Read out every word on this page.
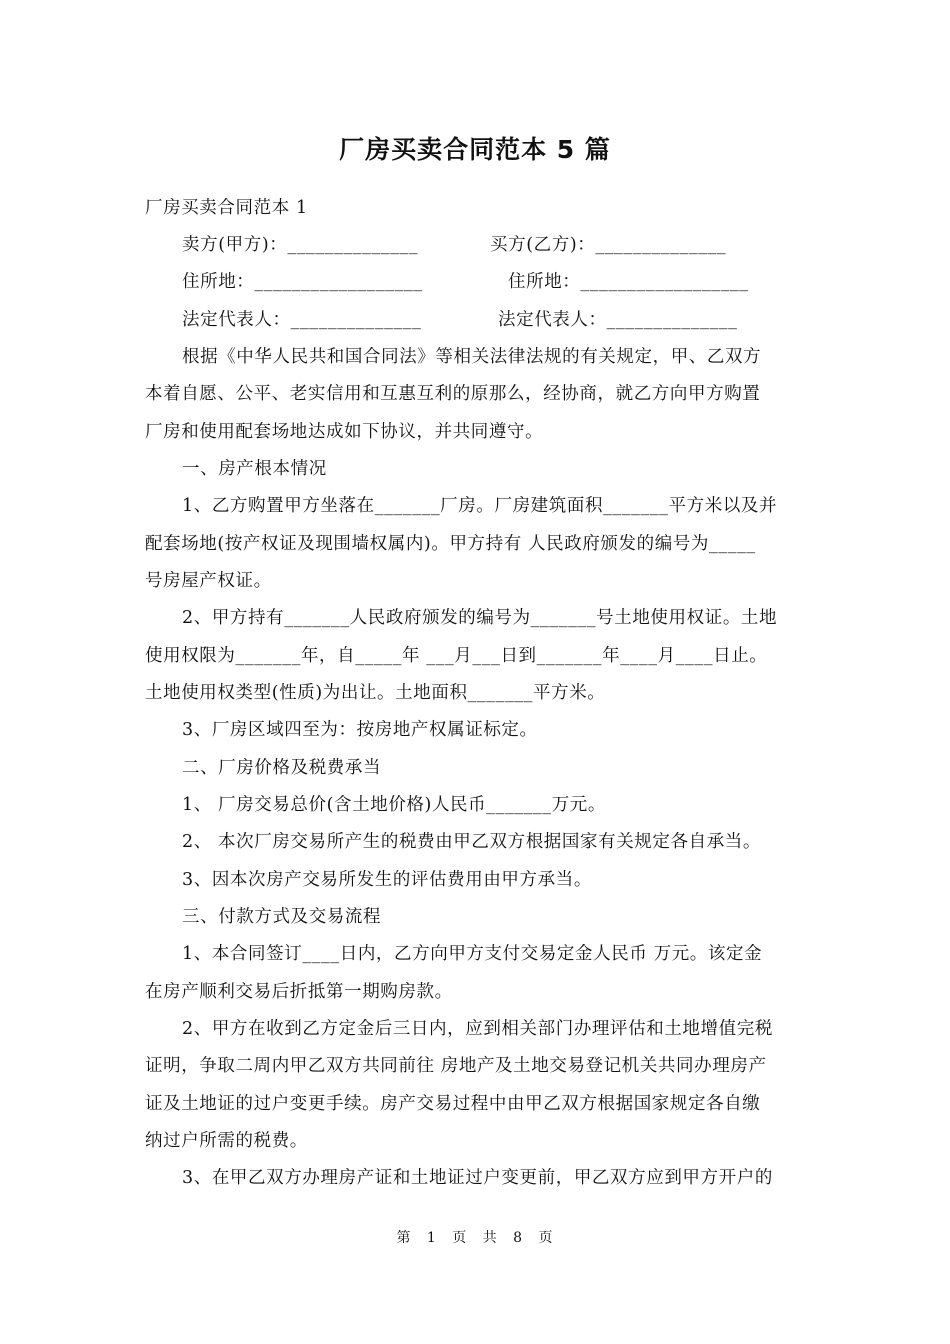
厂房买卖合同范本 5 篇
厂房买卖合同范本 1
卖方(甲方)：______________	买方(乙方)：______________
住所地：__________________	住所地：__________________
法定代表人：______________	法定代表人：______________
根据《中华人民共和国合同法》等相关法律法规的有关规定，甲、乙双方
本着自愿、公平、老实信用和互惠互利的原那么，经协商，就乙方向甲方购置
厂房和使用配套场地达成如下协议，并共同遵守。
一、房产根本情况
1、乙方购置甲方坐落在_______厂房。厂房建筑面积_______平方米以及并
配套场地(按产权证及现围墙权属内)。甲方持有 人民政府颁发的编号为_____
号房屋产权证。
2、甲方持有_______人民政府颁发的编号为_______号土地使用权证。土地
使用权限为_______年，自_____年 ___月___日到_______年____月____日止。
土地使用权类型(性质)为出让。土地面积_______平方米。
3、厂房区域四至为：按房地产权属证标定。
二、厂房价格及税费承当
1、 厂房交易总价(含土地价格)人民币_______万元。
2、 本次厂房交易所产生的税费由甲乙双方根据国家有关规定各自承当。
3、因本次房产交易所发生的评估费用由甲方承当。
三、付款方式及交易流程
1、本合同签订____日内，乙方向甲方支付交易定金人民币 万元。该定金
在房产顺利交易后折抵第一期购房款。
2、甲方在收到乙方定金后三日内，应到相关部门办理评估和土地增值完税
证明，争取二周内甲乙双方共同前往 房地产及土地交易登记机关共同办理房产
证及土地证的过户变更手续。房产交易过程中由甲乙双方根据国家规定各自缴
纳过户所需的税费。
3、在甲乙双方办理房产证和土地证过户变更前，甲乙双方应到甲方开户的
第 1 页 共 8 页
